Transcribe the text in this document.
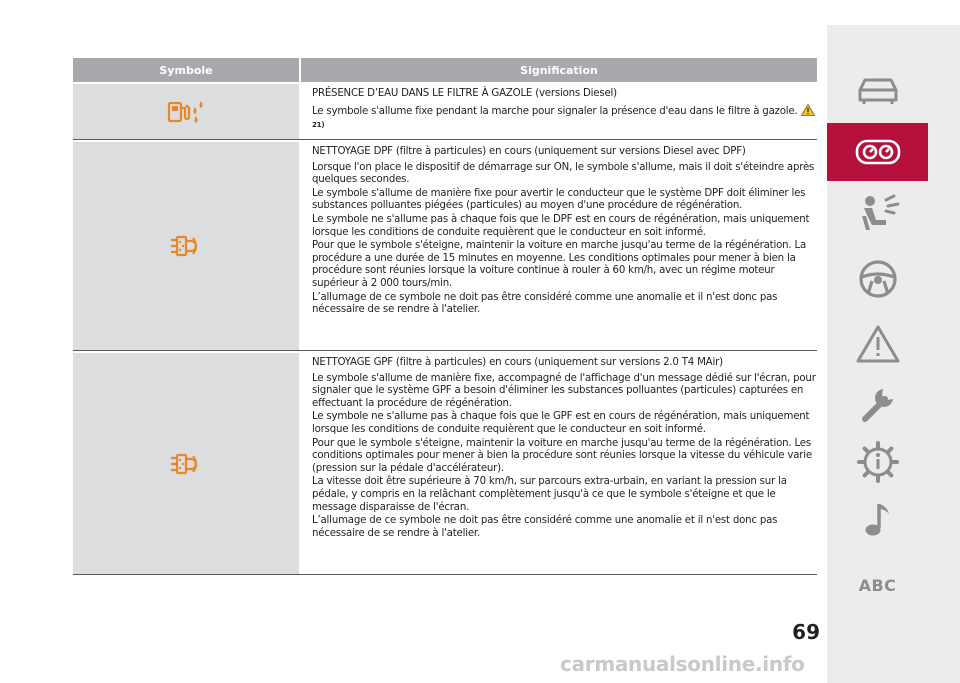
Symbole	Signification

PRÉSENCE D’EAU DANS LE FILTRE À GAZOLE (versions Diesel)

Le symbole s'allume fixe pendant la marche pour signaler la présence d'eau dans le filtre à gazole.

21)

NETTOYAGE DPF (filtre à particules) en cours (uniquement sur versions Diesel avec DPF)

Lorsque l'on place le dispositif de démarrage sur ON, le symbole s'allume, mais il doit s'éteindre après quelques secondes.

Le symbole s'allume de manière fixe pour avertir le conducteur que le système DPF doit éliminer les substances polluantes piégées (particules) au moyen d'une procédure de régénération.

Le symbole ne s'allume pas à chaque fois que le DPF est en cours de régénération, mais uniquement lorsque les conditions de conduite requièrent que le conducteur en soit informé.

Pour que le symbole s'éteigne, maintenir la voiture en marche jusqu'au terme de la régénération. La procédure a une durée de 15 minutes en moyenne. Les conditions optimales pour mener à bien la procédure sont réunies lorsque la voiture continue à rouler à 60 km/h, avec un régime moteur supérieur à 2 000 tours/min.

L’allumage de ce symbole ne doit pas être considéré comme une anomalie et il n'est donc pas nécessaire de se rendre à l'atelier.

NETTOYAGE GPF (filtre à particules) en cours (uniquement sur versions 2.0 T4 MAir)

Le symbole s'allume de manière fixe, accompagné de l'affichage d'un message dédié sur l'écran, pour signaler que le système GPF a besoin d'éliminer les substances polluantes (particules) capturées en effectuant la procédure de régénération.

Le symbole ne s'allume pas à chaque fois que le GPF est en cours de régénération, mais uniquement lorsque les conditions de conduite requièrent que le conducteur en soit informé.

Pour que le symbole s'éteigne, maintenir la voiture en marche jusqu'au terme de la régénération. Les conditions optimales pour mener à bien la procédure sont réunies lorsque la vitesse du véhicule varie (pression sur la pédale d'accélérateur).

La vitesse doit être supérieure à 70 km/h, sur parcours extra-urbain, en variant la pression sur la pédale, y compris en la relâchant complètement jusqu'à ce que le symbole s'éteigne et que le message disparaisse de l'écran.

L’allumage de ce symbole ne doit pas être considéré comme une anomalie et il n'est donc pas nécessaire de se rendre à l'atelier.

ABC
69
carmanualsonline.info
